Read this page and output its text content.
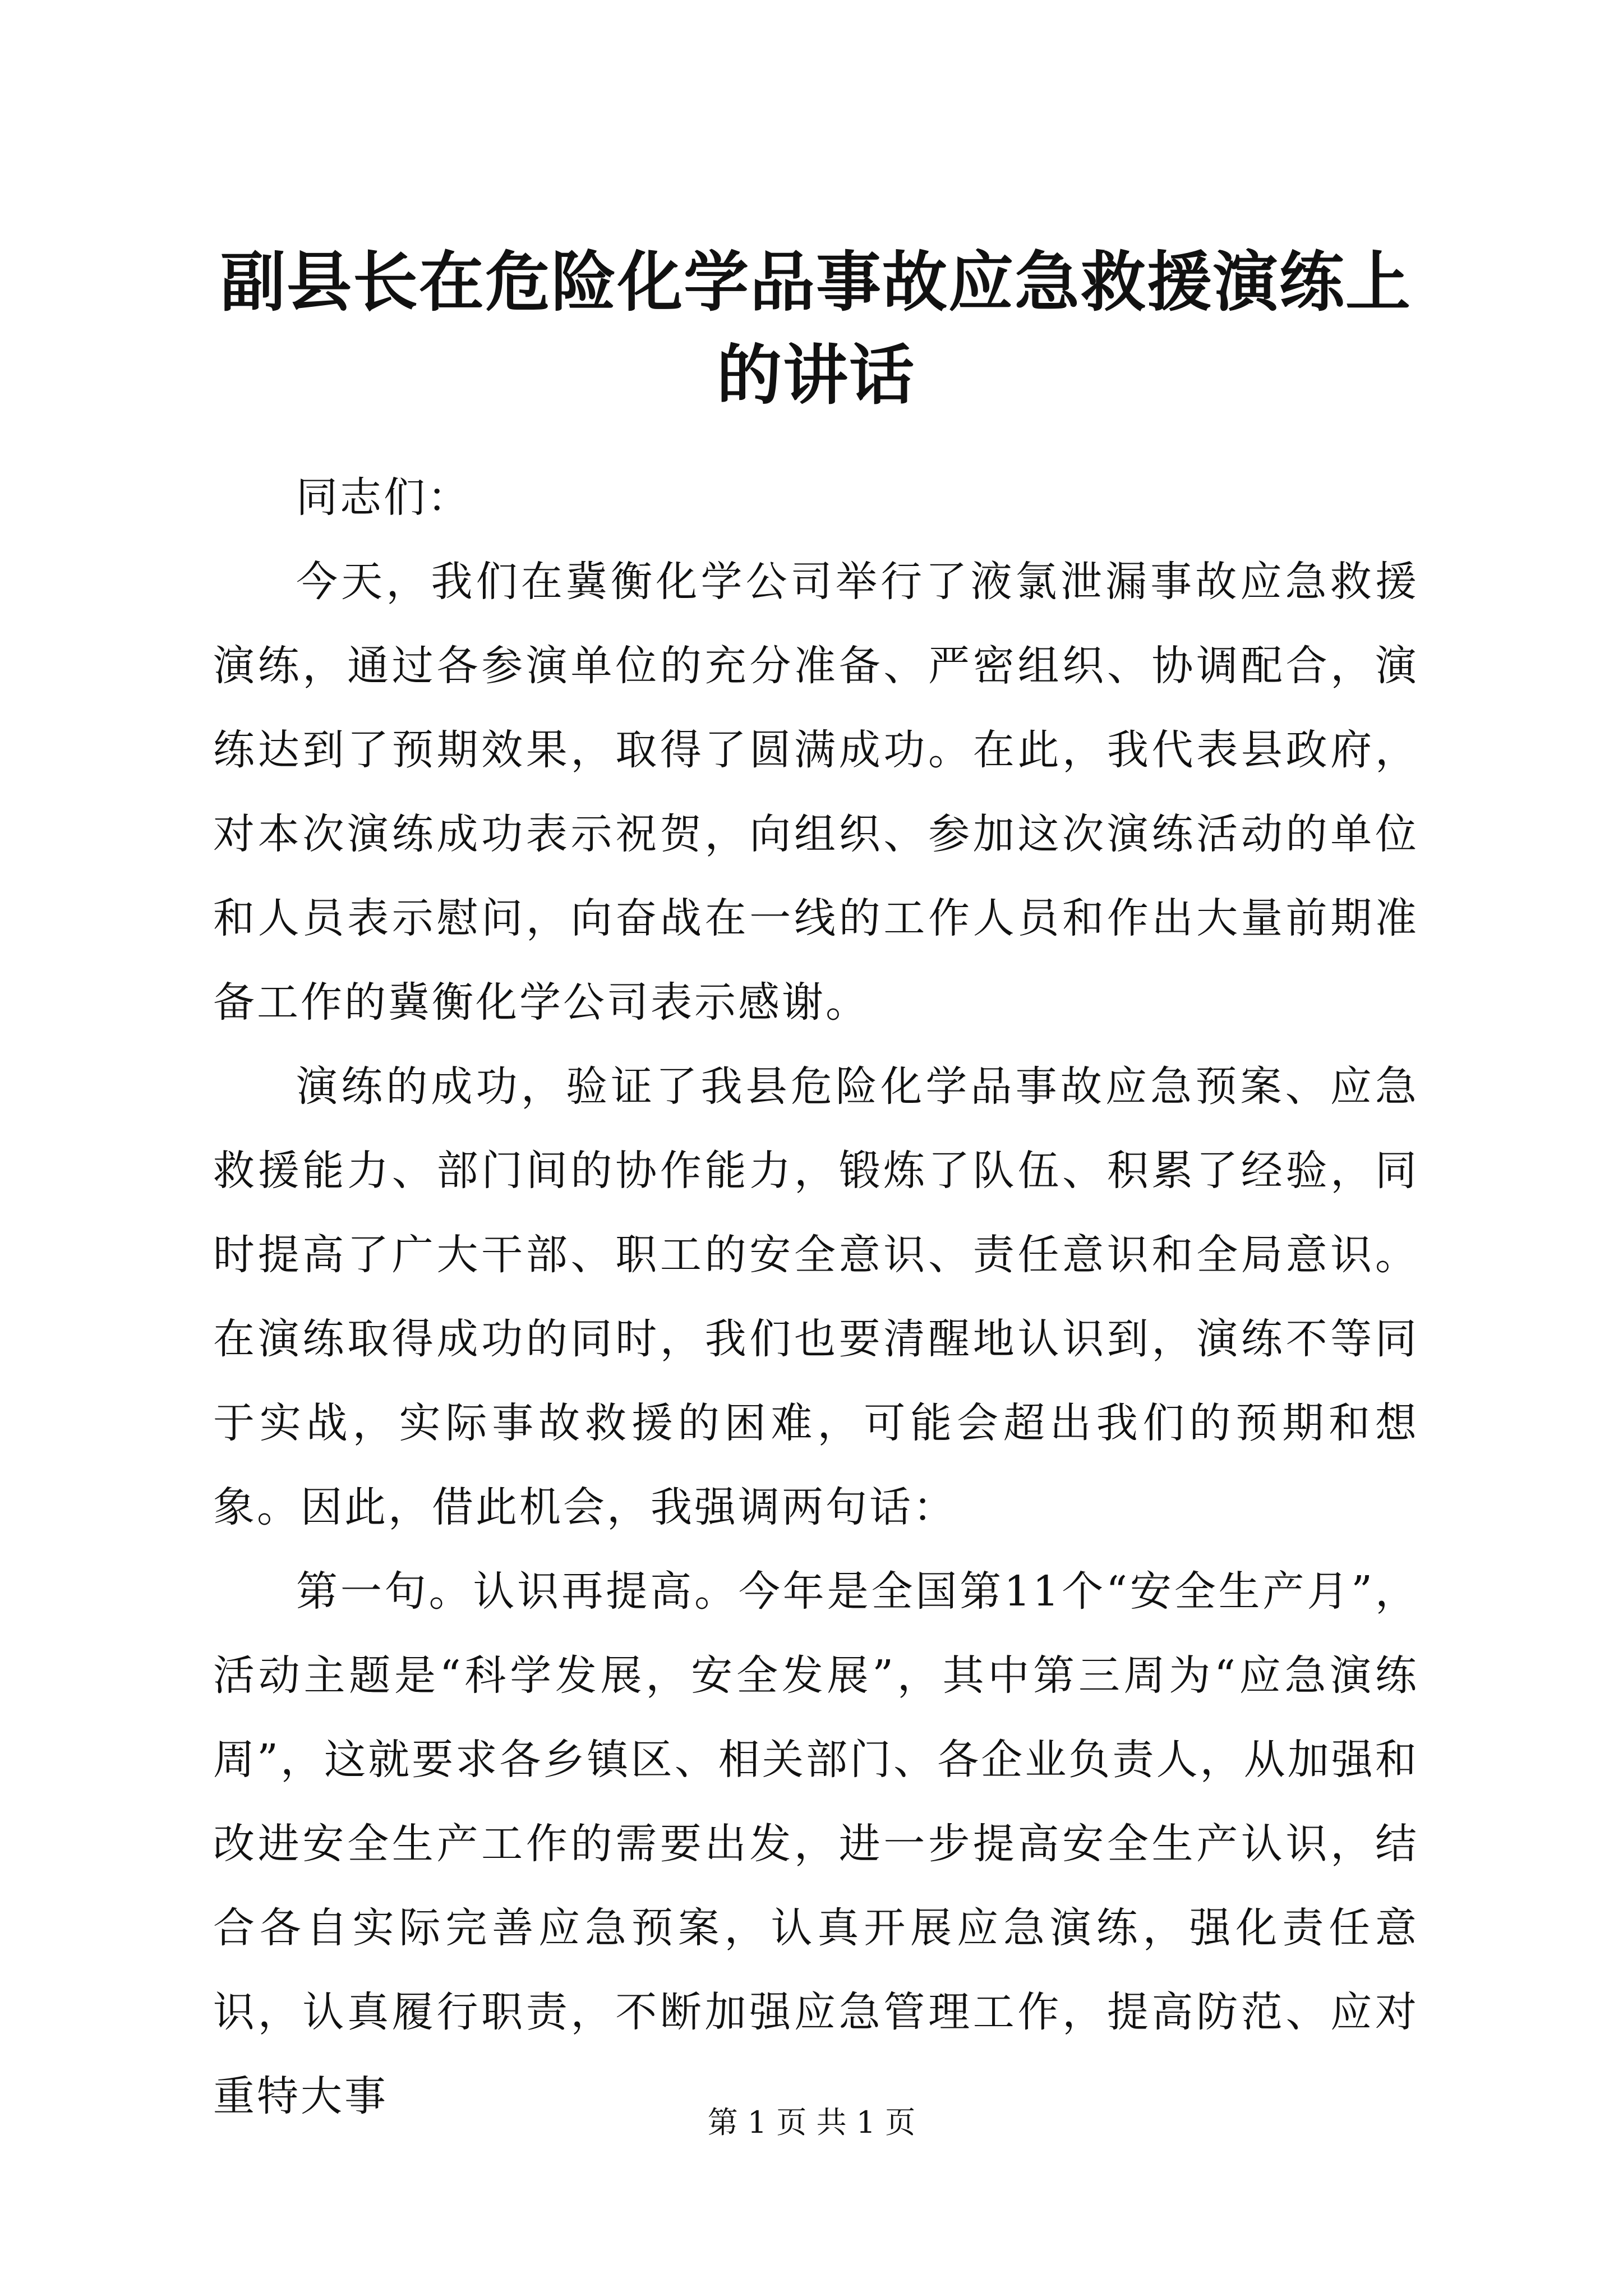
副县长在危险化学品事故应急救援演练上的讲话

同志们：

今天，我们在冀衡化学公司举行了液氯泄漏事故应急救援演练，通过各参演单位的充分准备、严密组织、协调配合，演练达到了预期效果，取得了圆满成功。在此，我代表县政府，对本次演练成功表示祝贺，向组织、参加这次演练活动的单位和人员表示慰问，向奋战在一线的工作人员和作出大量前期准备工作的冀衡化学公司表示感谢。

演练的成功，验证了我县危险化学品事故应急预案、应急救援能力、部门间的协作能力，锻炼了队伍、积累了经验，同时提高了广大干部、职工的安全意识、责任意识和全局意识。在演练取得成功的同时，我们也要清醒地认识到，演练不等同于实战，实际事故救援的困难，可能会超出我们的预期和想象。因此，借此机会，我强调两句话：

第一句。认识再提高。今年是全国第11个“安全生产月”，活动主题是“科学发展，安全发展”，其中第三周为“应急演练周”，这就要求各乡镇区、相关部门、各企业负责人，从加强和改进安全生产工作的需要出发，进一步提高安全生产认识，结合各自实际完善应急预案，认真开展应急演练，强化责任意识，认真履行职责，不断加强应急管理工作，提高防范、应对重特大事

第 1 页 共 1 页
